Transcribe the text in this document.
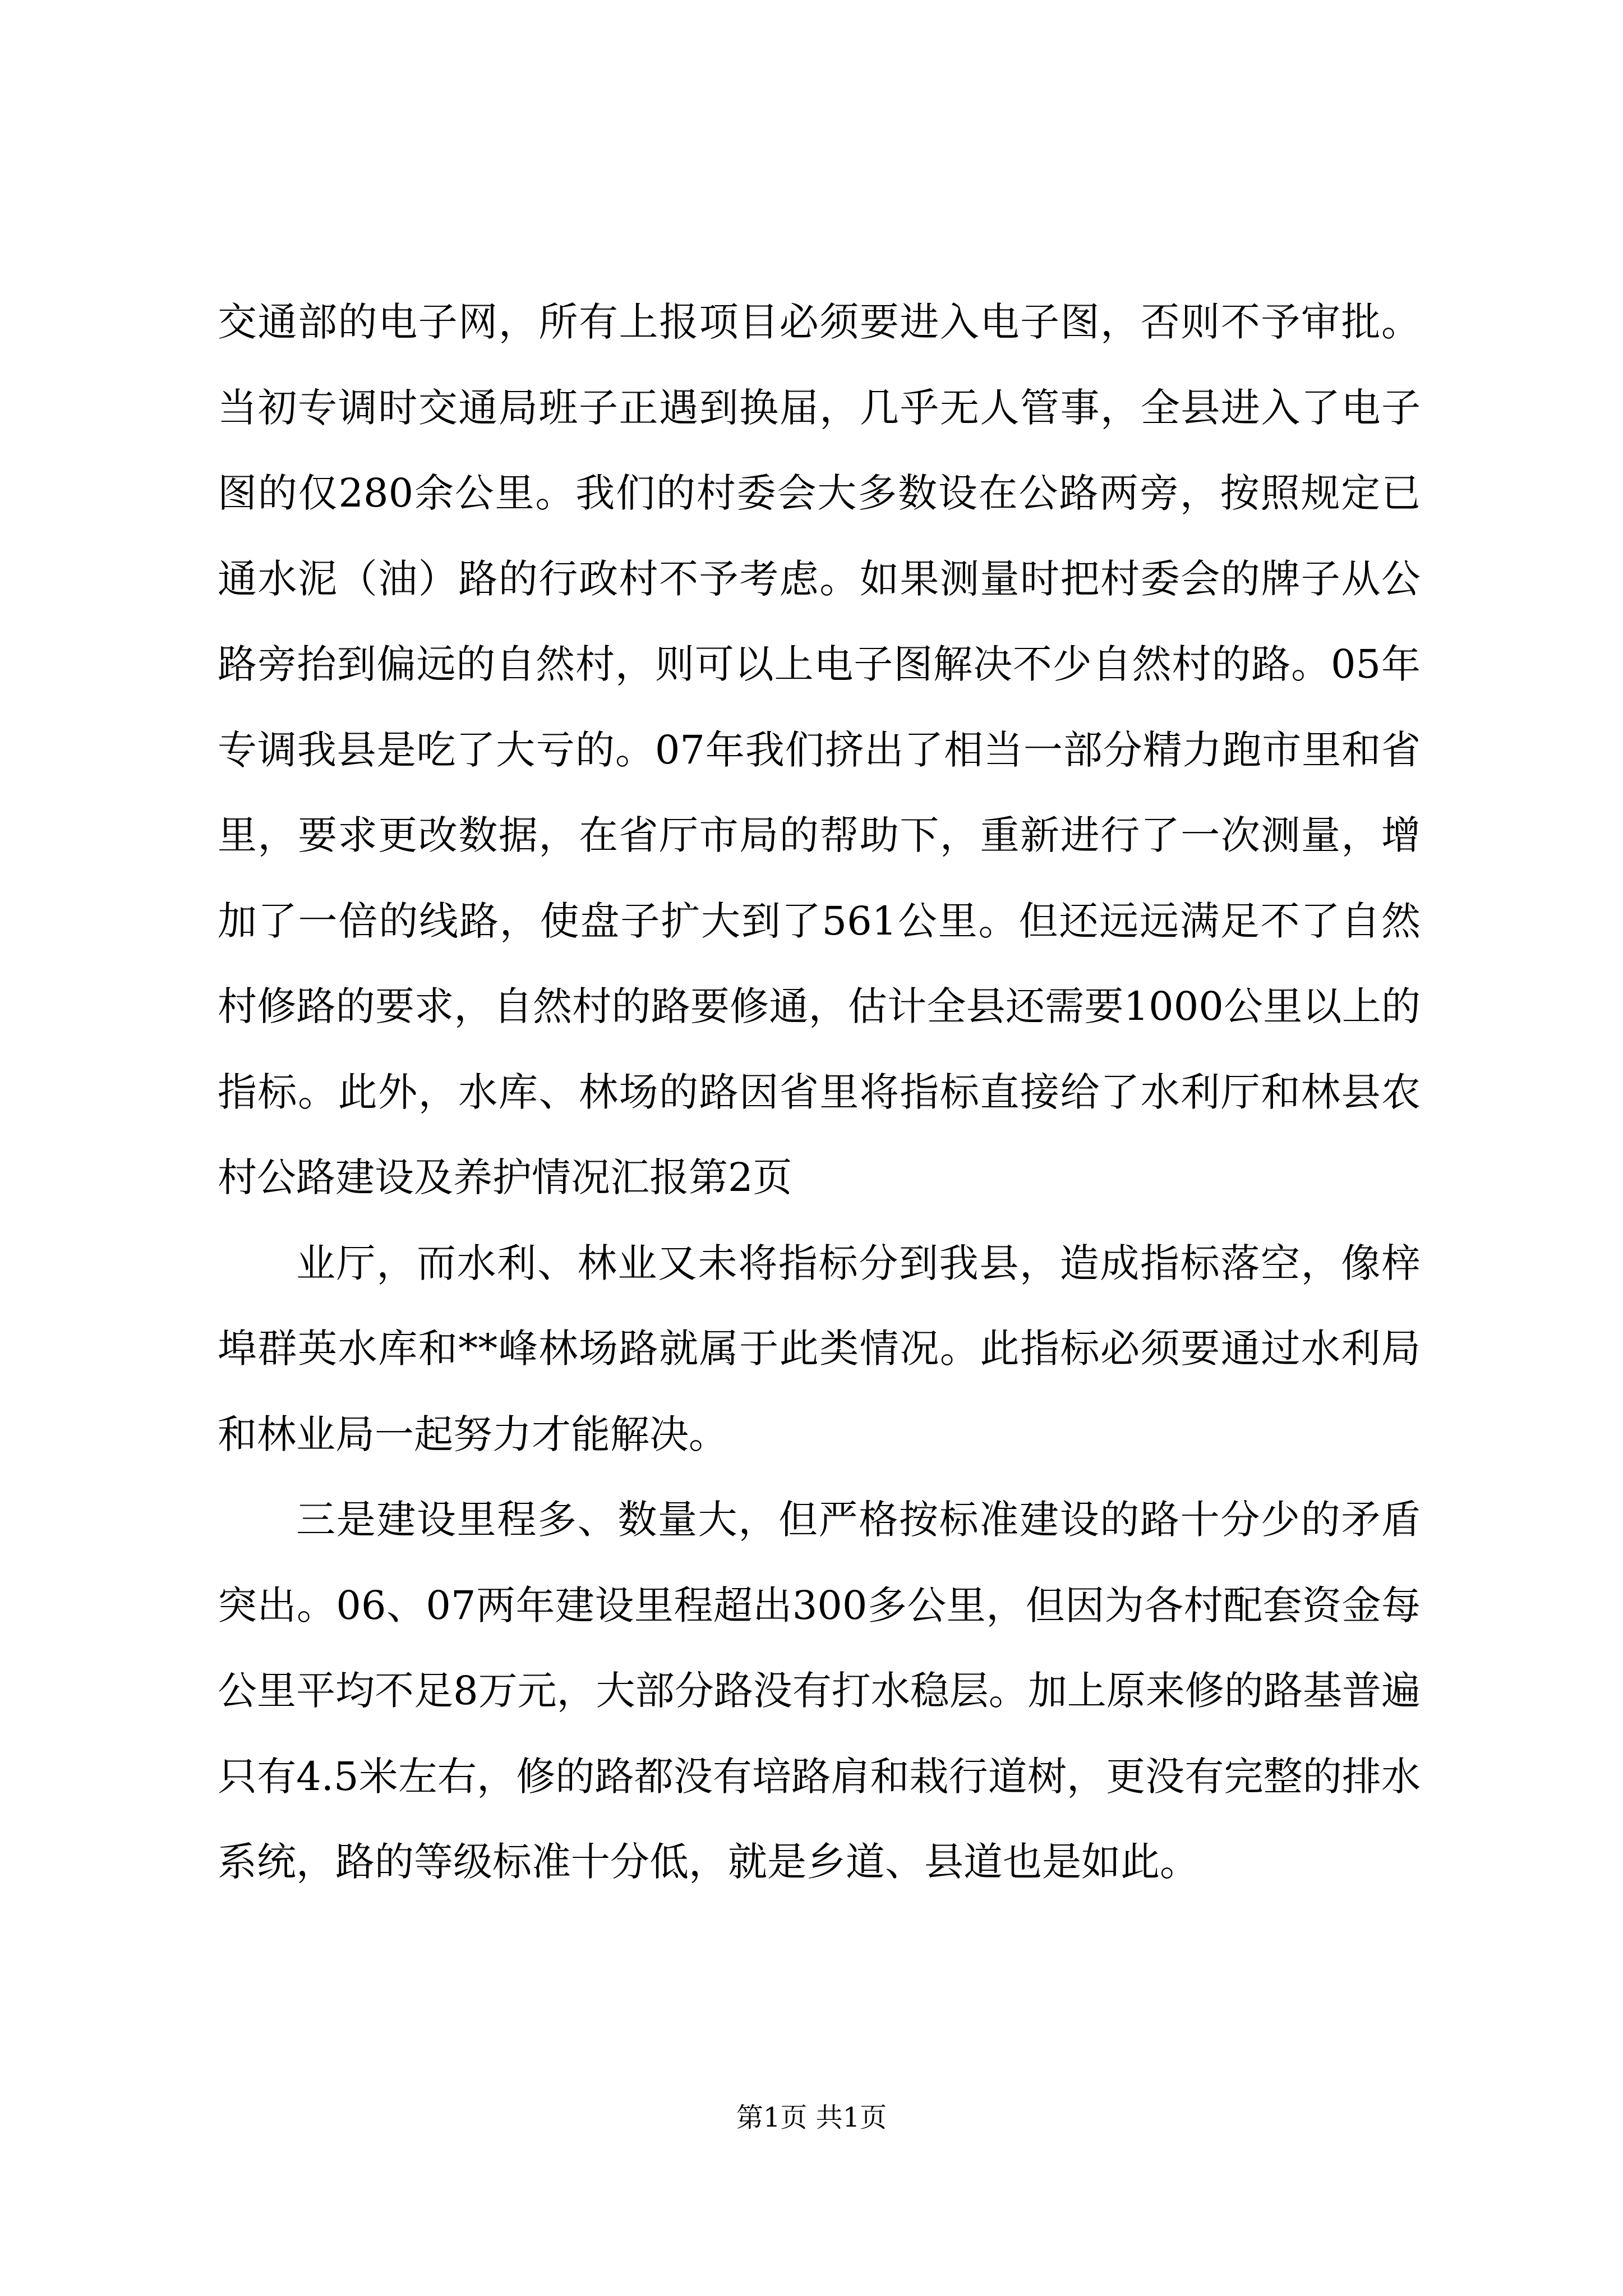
交通部的电子网，所有上报项目必须要进入电子图，否则不予审批。当初专调时交通局班子正遇到换届，几乎无人管事，全县进入了电子图的仅280余公里。我们的村委会大多数设在公路两旁，按照规定已通水泥（油）路的行政村不予考虑。如果测量时把村委会的牌子从公路旁抬到偏远的自然村，则可以上电子图解决不少自然村的路。05年专调我县是吃了大亏的。07年我们挤出了相当一部分精力跑市里和省里，要求更改数据，在省厅市局的帮助下，重新进行了一次测量，增加了一倍的线路，使盘子扩大到了561公里。但还远远满足不了自然村修路的要求，自然村的路要修通，估计全县还需要1000公里以上的指标。此外，水库、林场的路因省里将指标直接给了水利厅和林县农村公路建设及养护情况汇报第2页

业厅，而水利、林业又未将指标分到我县，造成指标落空，像梓埠群英水库和**峰林场路就属于此类情况。此指标必须要通过水利局和林业局一起努力才能解决。

三是建设里程多、数量大，但严格按标准建设的路十分少的矛盾突出。06、07两年建设里程超出300多公里，但因为各村配套资金每公里平均不足8万元，大部分路没有打水稳层。加上原来修的路基普遍只有4.5米左右，修的路都没有培路肩和栽行道树，更没有完整的排水系统，路的等级标准十分低，就是乡道、县道也是如此。

第1页 共1页
